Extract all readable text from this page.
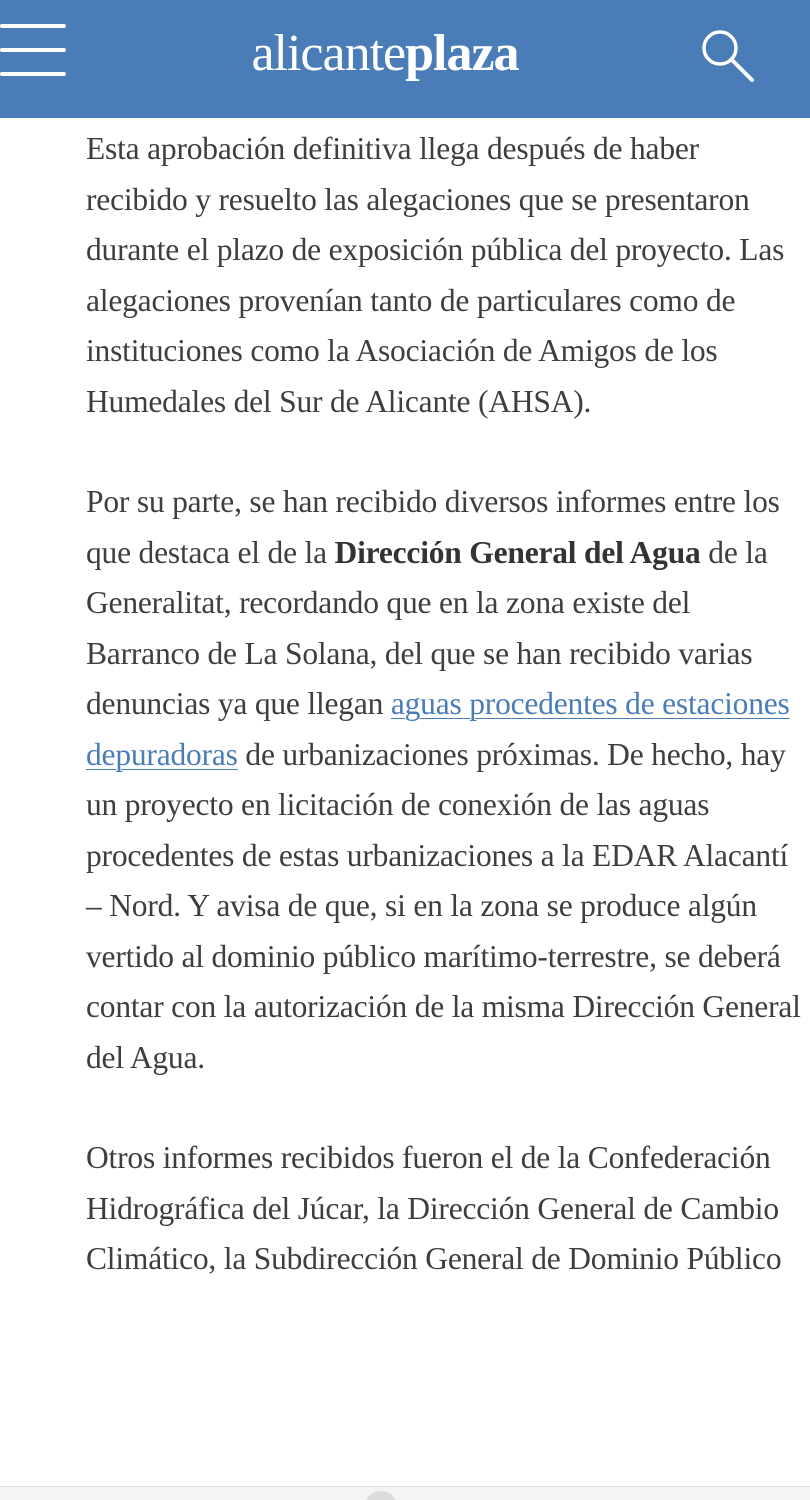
alicanteplaza

Esta aprobación definitiva llega después de haber recibido y resuelto las alegaciones que se presentaron durante el plazo de exposición pública del proyecto. Las alegaciones provenían tanto de particulares como de instituciones como la Asociación de Amigos de los Humedales del Sur de Alicante (AHSA).

Por su parte, se han recibido diversos informes entre los que destaca el de la Dirección General del Agua de la Generalitat, recordando que en la zona existe del Barranco de La Solana, del que se han recibido varias denuncias ya que llegan aguas procedentes de estaciones depuradoras de urbanizaciones próximas. De hecho, hay un proyecto en licitación de conexión de las aguas procedentes de estas urbanizaciones a la EDAR Alacantí – Nord. Y avisa de que, si en la zona se produce algún vertido al dominio público marítimo-terrestre, se deberá contar con la autorización de la misma Dirección General del Agua.

Otros informes recibidos fueron el de la Confederación Hidrográfica del Júcar, la Dirección General de Cambio Climático, la Subdirección General de Dominio Público
